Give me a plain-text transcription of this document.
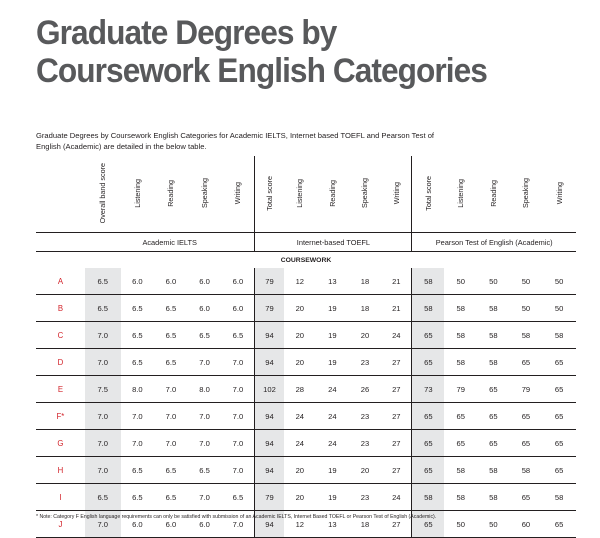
Graduate Degrees by
Coursework English Categories

Graduate Degrees by Coursework English Categories for Academic IELTS, Internet based TOEFL and Pearson Test of English (Academic) are detailed in the below table.

	Overall band score	Listening	Reading	Speaking	Writing	Total score	Listening	Reading	Speaking	Writing	Total score	Listening	Reading	Speaking	Writing
	Academic IELTS					Internet-based TOEFL					Pearson Test of English (Academic)				
COURSEWORK															
A	6.5	6.0	6.0	6.0	6.0	79	12	13	18	21	58	50	50	50	50
B	6.5	6.5	6.5	6.0	6.0	79	20	19	18	21	58	58	58	50	50
C	7.0	6.5	6.5	6.5	6.5	94	20	19	20	24	65	58	58	58	58
D	7.0	6.5	6.5	7.0	7.0	94	20	19	23	27	65	58	58	65	65
E	7.5	8.0	7.0	8.0	7.0	102	28	24	26	27	73	79	65	79	65
F*	7.0	7.0	7.0	7.0	7.0	94	24	24	23	27	65	65	65	65	65
G	7.0	7.0	7.0	7.0	7.0	94	24	24	23	27	65	65	65	65	65
H	7.0	6.5	6.5	6.5	7.0	94	20	19	20	27	65	58	58	58	65
I	6.5	6.5	6.5	7.0	6.5	79	20	19	23	24	58	58	58	65	58
J	7.0	6.0	6.0	6.0	7.0	94	12	13	18	27	65	50	50	60	65

* Note: Category F English language requirements can only be satisfied with submission of an Academic IELTS, Internet Based TOEFL or Pearson Test of English (Academic).
